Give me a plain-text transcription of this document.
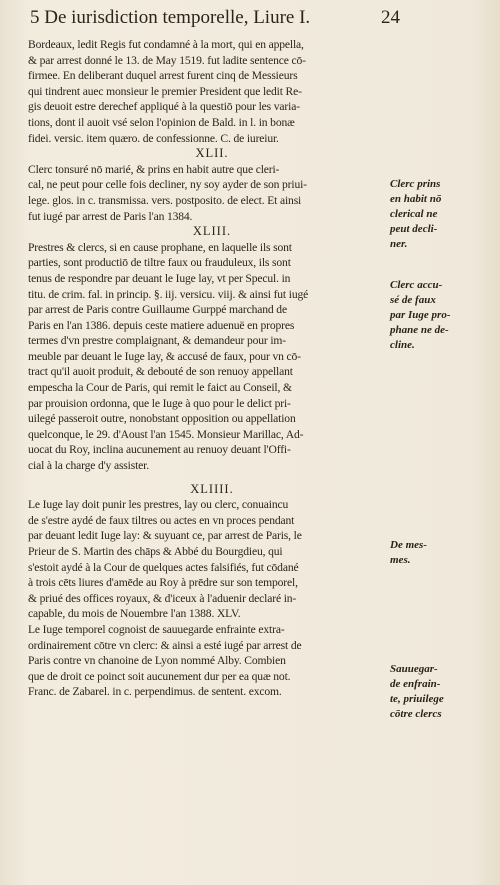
5 De iurisdiction temporelle, Liure I.	24
Bordeaux, ledit Regis fut condamné à la mort, qui en appella,
& par arrest donné le 13. de May 1519. fut ladite sentence cō-
firmee. En deliberant duquel arrest furent cinq de Messieurs
qui tindrent auec monsieur le premier President que ledit Re-
gis deuoit estre derechef appliqué à la questiō pour les varia-
tions, dont il auoit vsé selon l'opinion de Bald. in l. in bonæ
fidei. versic. item quæro. de confessionne. C. de iureiur.
XLII.
Clerc tonsuré nō marié, & prins en habit autre que cleri-
cal, ne peut pour celle fois decliner, ny soy ayder de son priui-
lege. glos. in c. transmissa. vers. postposito. de elect. Et ainsi
fut iugé par arrest de Paris l'an 1384.
XLIII.
Prestres & clercs, si en cause prophane, en laquelle ils sont
parties, sont productiō de tiltre faux ou frauduleux, ils sont
tenus de respondre par deuant le Iuge lay, vt per Specul. in
titu. de crim. fal. in princip. §. iij. versicu. viij. & ainsi fut iugé
par arrest de Paris contre Guillaume Gurppé marchand de
Paris en l'an 1386. depuis ceste matiere aduenuë en propres
termes d'vn prestre complaignant, & demandeur pour im-
meuble par deuant le Iuge lay, & accusé de faux, pour vn cō-
tract qu'il auoit produit, & debouté de son renuoy appellant
empescha la Cour de Paris, qui remit le faict au Conseil, &
par prouision ordonna, que le Iuge à quo pour le delict pri-
uilegé passeroit outre, nonobstant opposition ou appellation
quelconque, le 29. d'Aoust l'an 1545. Monsieur Marillac, Ad-
uocat du Roy, inclina aucunement au renuoy deuant l'Offi-
cial à la charge d'y assister.
XLIIII.
Le Iuge lay doit punir les prestres, lay ou clerc, conuaincu
de s'estre aydé de faux tiltres ou actes en vn proces pendant
par deuant ledit Iuge lay: & suyuant ce, par arrest de Paris, le
Prieur de S. Martin des chāps & Abbé du Bourgdieu, qui
s'estoit aydé à la Cour de quelques actes falsifiés, fut cōdané
à trois cēts liures d'amēde au Roy à prēdre sur son temporel,
& priué des offices royaux, & d'iceux à l'aduenir declaré in-
capable, du mois de Nouembre l'an 1388. XLV.
Le Iuge temporel cognoist de sauuegarde enfrainte extra-
ordinairement cōtre vn clerc: & ainsi a esté iugé par arrest de
Paris contre vn chanoine de Lyon nommé Alby. Combien
que de droit ce poinct soit aucunement dur per ea quæ not.
Franc. de Zabarel. in c. perpendimus. de sentent. excom.
Clerc prins
en habit nō
clerical ne
peut decli-
ner.
Clerc accu-
sé de faux
par Iuge pro-
phane ne de-
cline.
De mes-
mes.
Sauuegar-
de enfrain-
te, priuilege
cōtre clercs
